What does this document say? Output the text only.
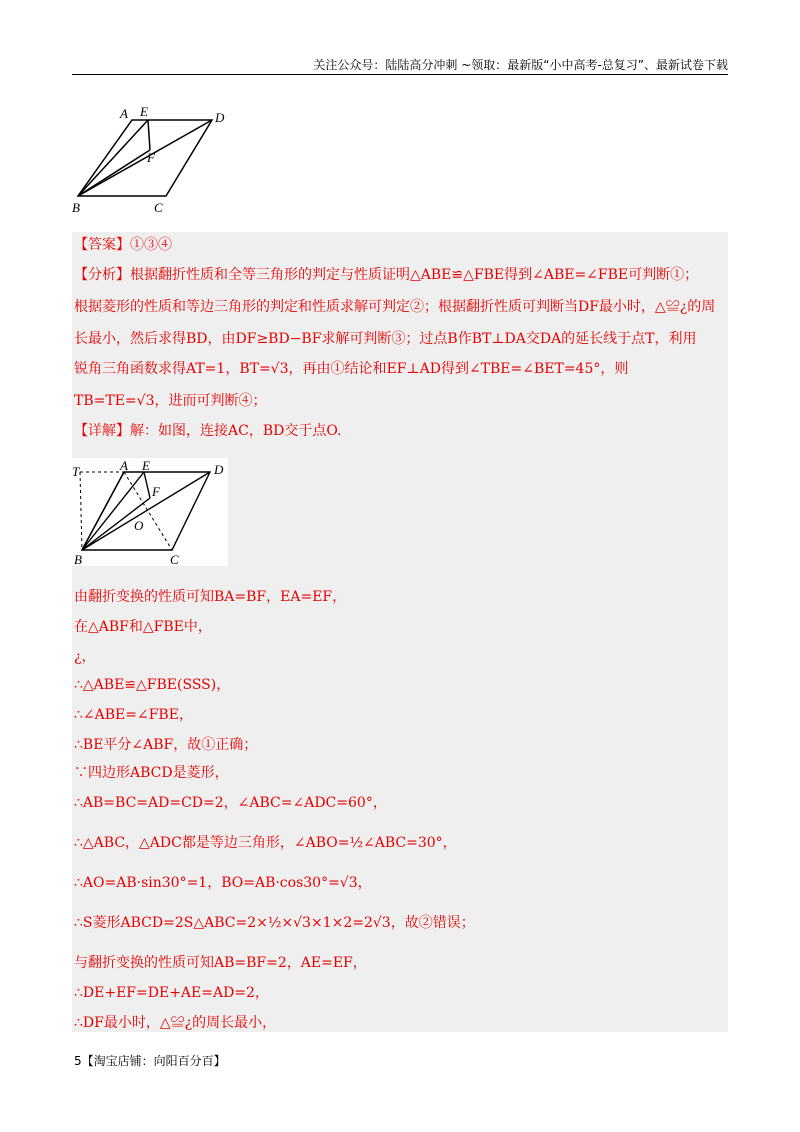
关注公众号：陆陆高分冲刺 ~领取：最新版“小中高考-总复习”、最新试卷下载
A E	D
F
B	C
【答案】①③④
【分析】根据翻折性质和全等三角形的判定与性质证明△ABE≌△FBE得到∠ABE=∠FBE可判断①；
根据菱形的性质和等边三角形的判定和性质求解可判定②；根据翻折性质可判断当DF最小时，△≌¿的周
长最小，然后求得BD，由DF≥BD−BF求解可判断③；过点B作BT⊥DA交DA的延长线于点T，利用
锐角三角函数求得AT=1，BT=√3，再由①结论和EF⊥AD得到∠TBE=∠BET=45°，则
TB=TE=√3，进而可判断④；
【详解】解：如图，连接AC，BD交于点O.
T	A E	D
F
O
B	C
由翻折变换的性质可知BA=BF，EA=EF，
在△ABF和△FBE中，
¿，
∴△ABE≌△FBE(SSS)，
∴∠ABE=∠FBE，
∴BE平分∠ABF，故①正确；
∵四边形ABCD是菱形，
∴AB=BC=AD=CD=2，∠ABC=∠ADC=60°，
∴△ABC，△ADC都是等边三角形，∠ABO=½∠ABC=30°，
∴AO=AB·sin30°=1，BO=AB·cos30°=√3，
∴S菱形ABCD=2S△ABC=2×½×√3×1×2=2√3，故②错误；
与翻折变换的性质可知AB=BF=2，AE=EF，
∴DE+EF=DE+AE=AD=2，
∴DF最小时，△≌¿的周长最小，
5【淘宝店铺：向阳百分百】
